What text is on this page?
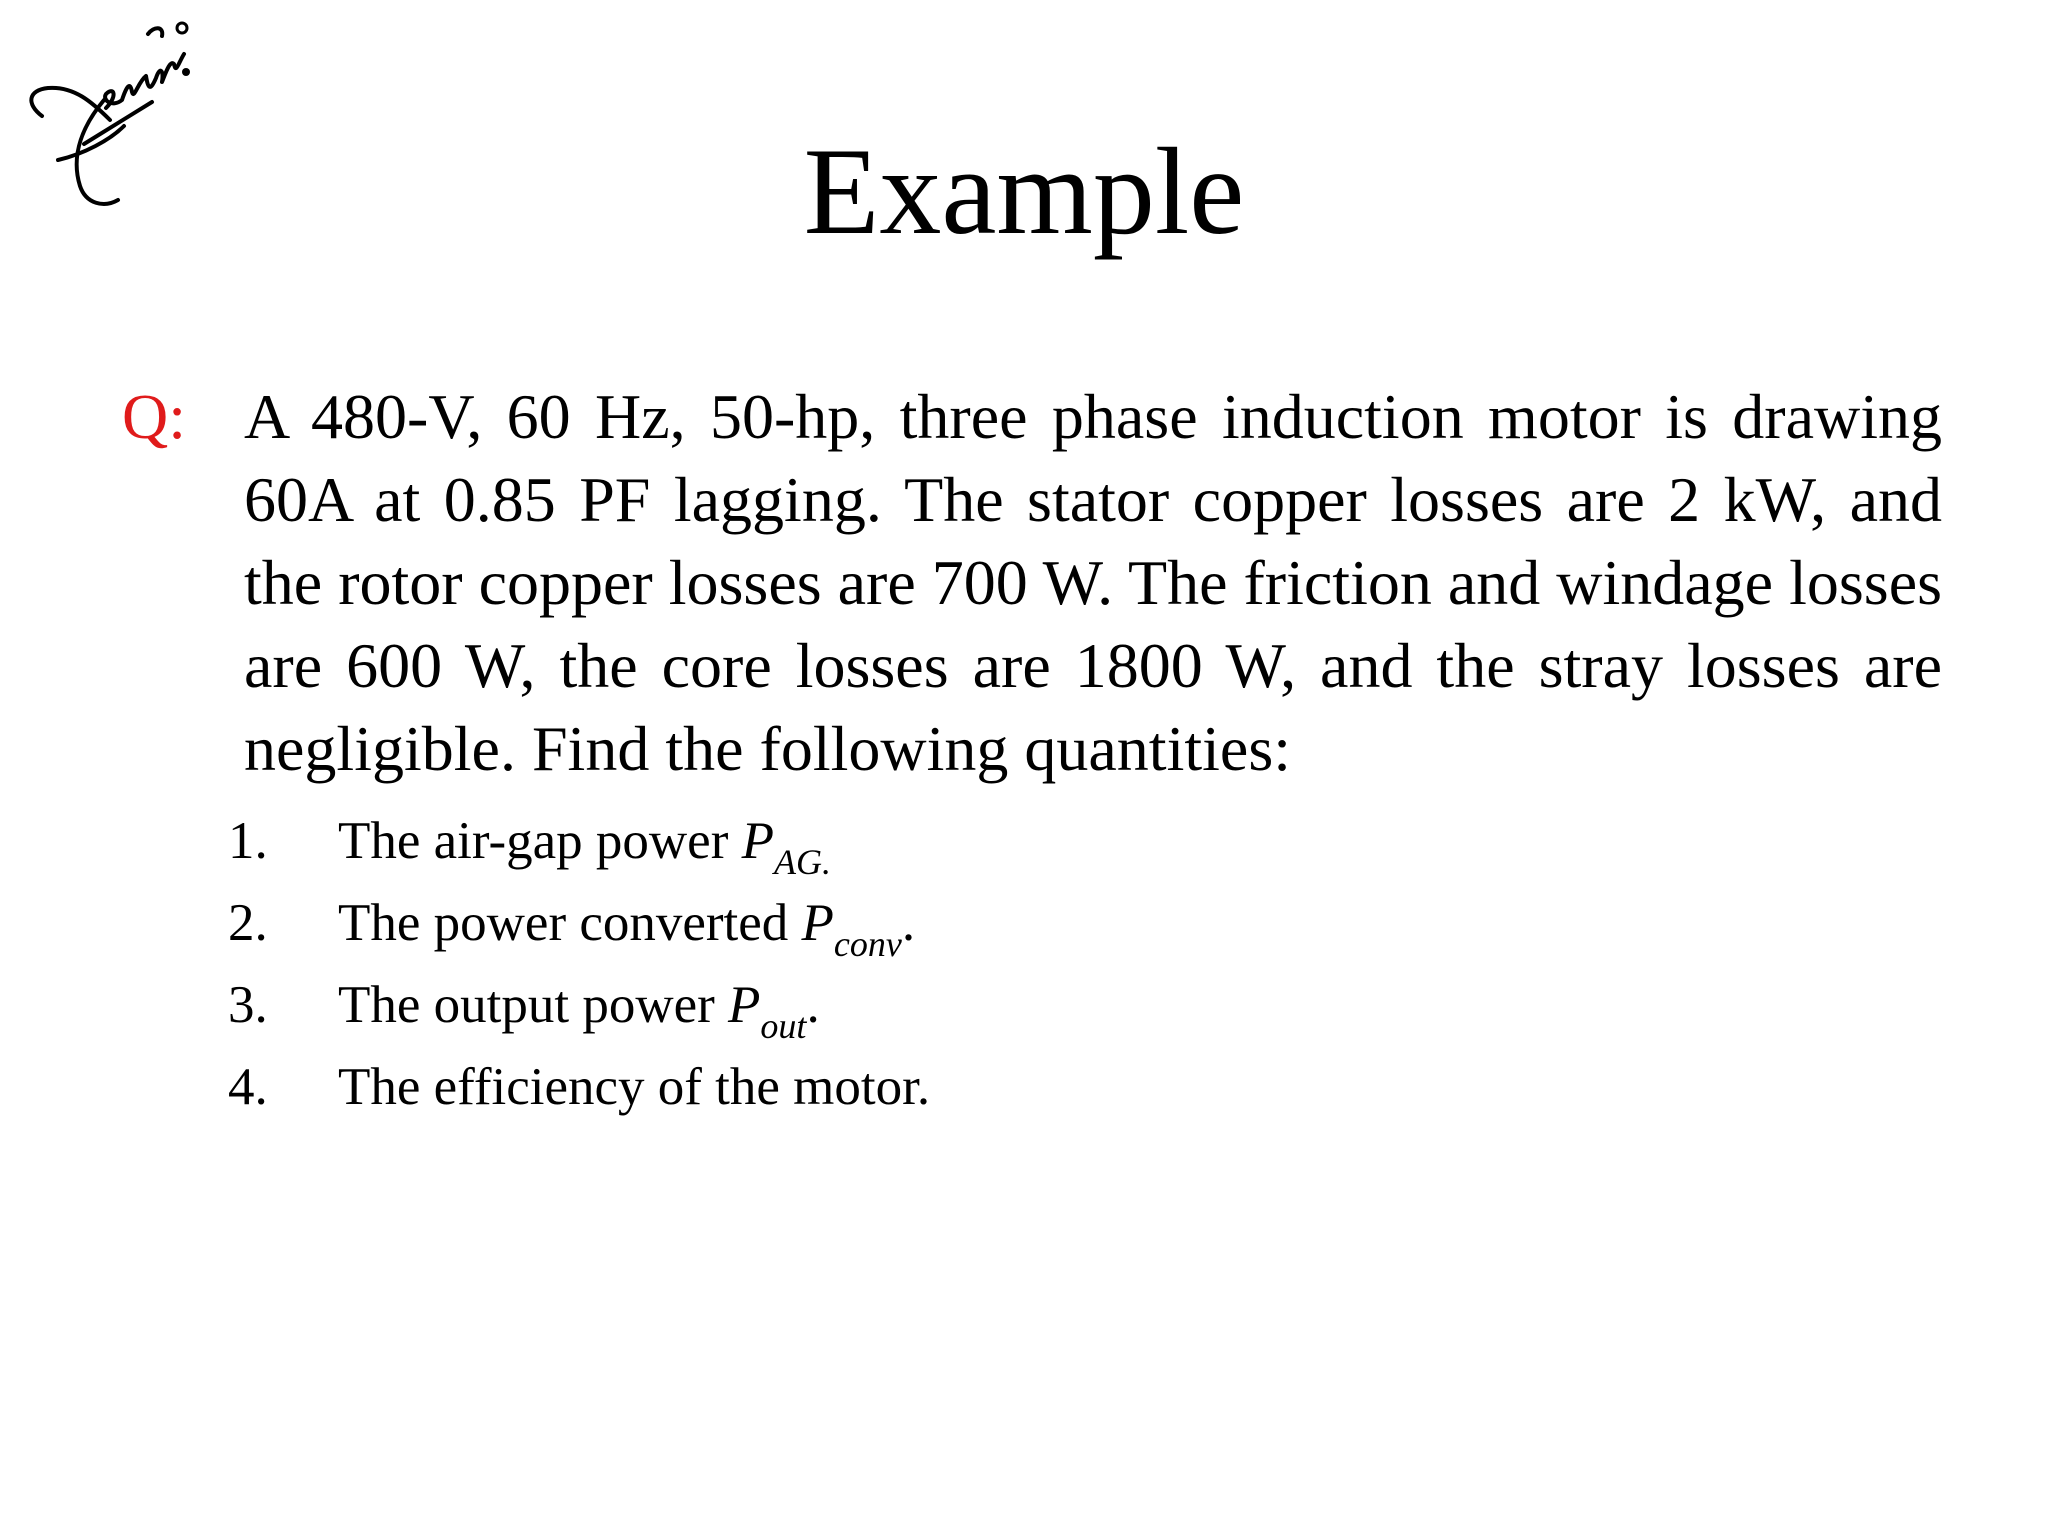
Example
Q: A 480-V, 60 Hz, 50-hp, three phase induction motor is drawing 60A at 0.85 PF lagging. The stator copper losses are 2 kW, and the rotor copper losses are 700 W. The friction and windage losses are 600 W, the core losses are 1800 W, and the stray losses are negligible. Find the following quantities:
1. The air-gap power $P_{AG.}$
2. The power converted $P_{conv}$.
3. The output power $P_{out}$.
4. The efficiency of the motor.
